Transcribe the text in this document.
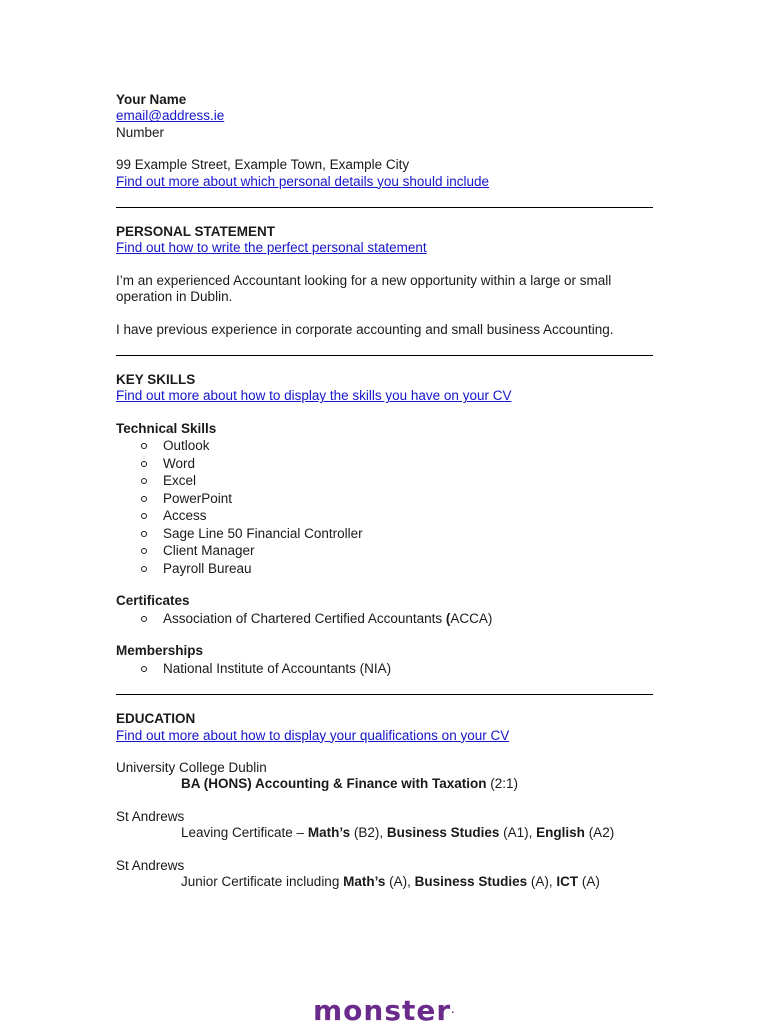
Your Name
email@address.ie
Number
99 Example Street, Example Town, Example City
Find out more about which personal details you should include
PERSONAL STATEMENT
Find out how to write the perfect personal statement
I’m an experienced Accountant looking for a new opportunity within a large or small operation in Dublin.
I have previous experience in corporate accounting and small business Accounting.
KEY SKILLS
Find out more about how to display the skills you have on your CV
Technical Skills
Outlook
Word
Excel
PowerPoint
Access
Sage Line 50 Financial Controller
Client Manager
Payroll Bureau
Certificates
Association of Chartered Certified Accountants (ACCA)
Memberships
National Institute of Accountants (NIA)
EDUCATION
Find out more about how to display your qualifications on your CV
University College Dublin
BA (HONS) Accounting & Finance with Taxation (2:1)
St Andrews
Leaving Certificate – Math’s (B2), Business Studies (A1), English (A2)
St Andrews
Junior Certificate including Math’s (A), Business Studies (A), ICT (A)
monster·
